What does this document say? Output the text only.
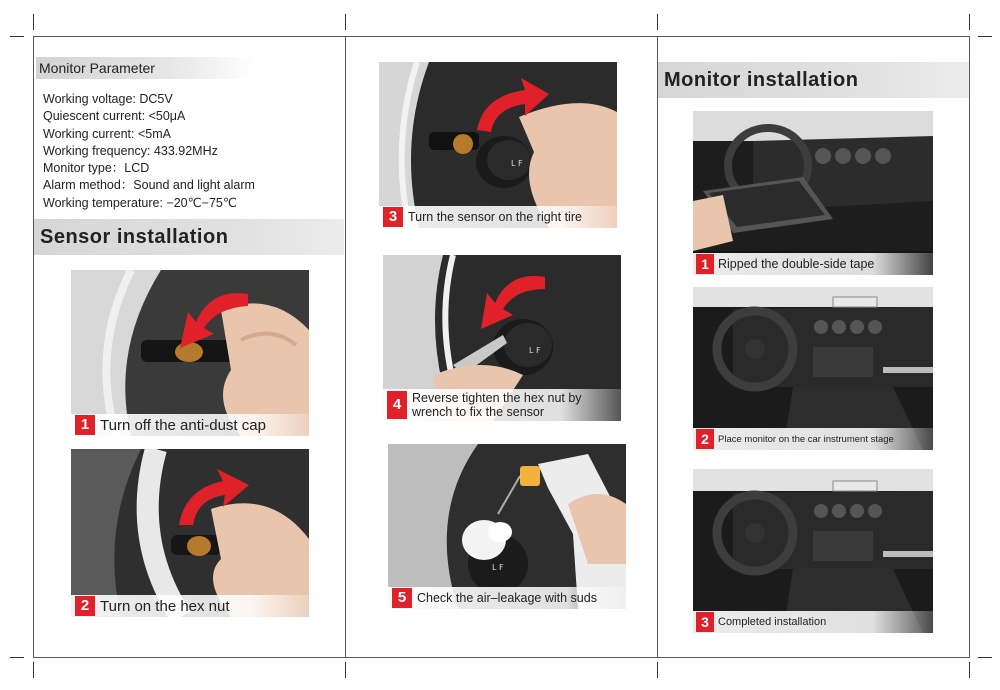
Monitor Parameter
Working voltage: DC5V
Quiescent current: <50μA
Working current: <5mA
Working frequency: 433.92MHz
Monitor type：LCD
Alarm method：Sound and light alarm
Working temperature: −20℃−75℃
Sensor installation
1 Turn off the anti-dust cap
2 Turn on the hex nut
L F
3 Turn the sensor on the right tire
L F
4 Reverse tighten the hex nut by wrench to fix the sensor
L F
5 Check the air–leakage with suds
Monitor installation
1 Ripped the double-side tape
2 Place monitor on the car instrument stage
3 Completed installation
